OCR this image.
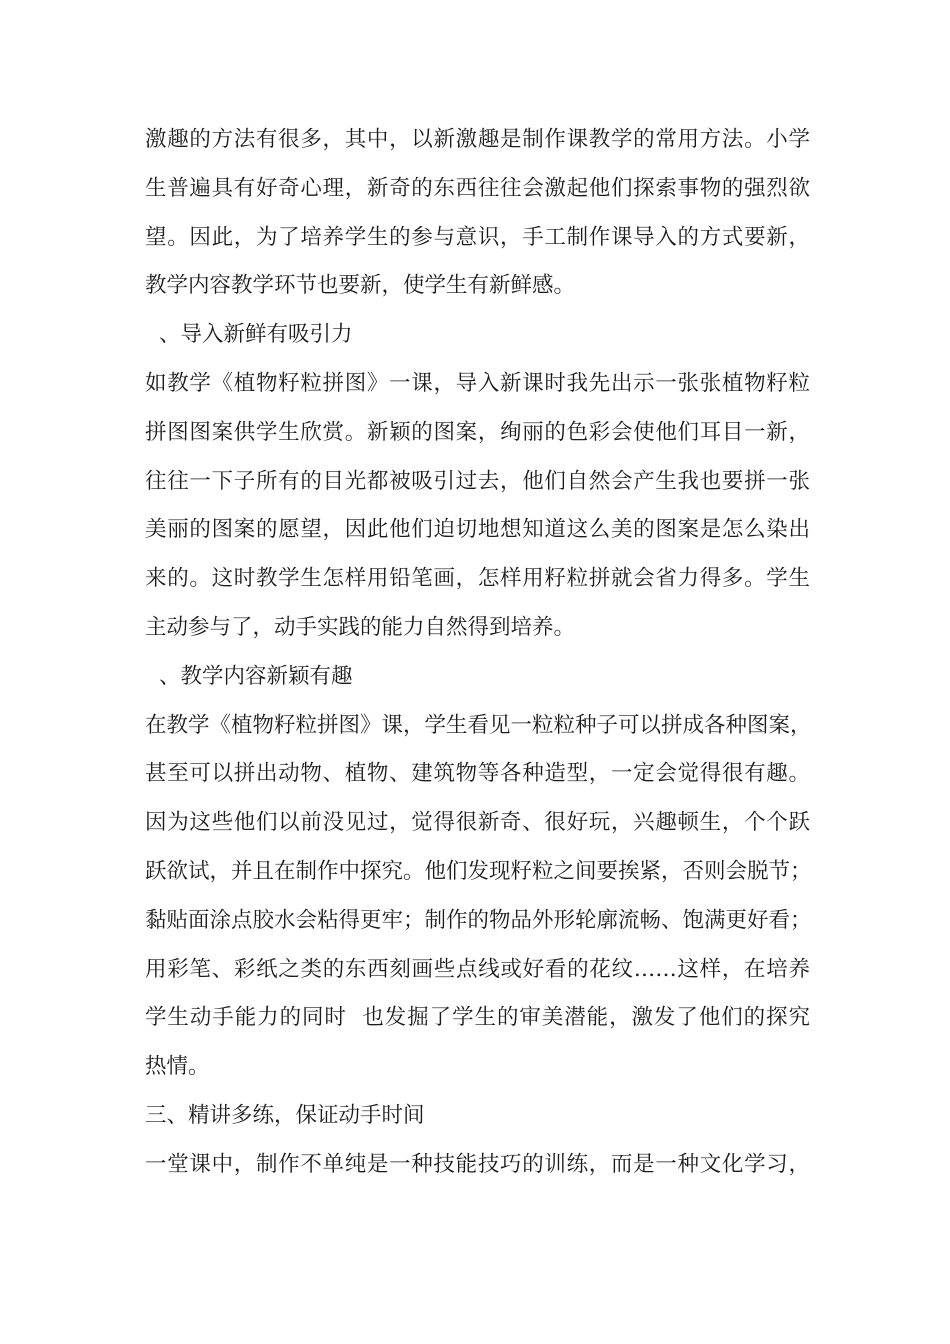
激趣的方法有很多，其中，以新激趣是制作课教学的常用方法。小学
生普遍具有好奇心理，新奇的东西往往会激起他们探索事物的强烈欲
望。因此，为了培养学生的参与意识，手工制作课导入的方式要新，
教学内容教学环节也要新，使学生有新鲜感。
、导入新鲜有吸引力
如教学《植物籽粒拼图》一课，导入新课时我先出示一张张植物籽粒
拼图图案供学生欣赏。新颖的图案，绚丽的色彩会使他们耳目一新，
往往一下子所有的目光都被吸引过去，他们自然会产生我也要拼一张
美丽的图案的愿望，因此他们迫切地想知道这么美的图案是怎么染出
来的。这时教学生怎样用铅笔画，怎样用籽粒拼就会省力得多。学生
主动参与了，动手实践的能力自然得到培养。
、教学内容新颖有趣
在教学《植物籽粒拼图》课，学生看见一粒粒种子可以拼成各种图案，
甚至可以拼出动物、植物、建筑物等各种造型，一定会觉得很有趣。
因为这些他们以前没见过，觉得很新奇、很好玩，兴趣顿生，个个跃
跃欲试，并且在制作中探究。他们发现籽粒之间要挨紧，否则会脱节；
黏贴面涂点胶水会粘得更牢；制作的物品外形轮廓流畅、饱满更好看；
用彩笔、彩纸之类的东西刻画些点线或好看的花纹……这样，在培养
学生动手能力的同时  也发掘了学生的审美潜能，激发了他们的探究
热情。
三、精讲多练，保证动手时间
一堂课中，制作不单纯是一种技能技巧的训练，而是一种文化学习，
